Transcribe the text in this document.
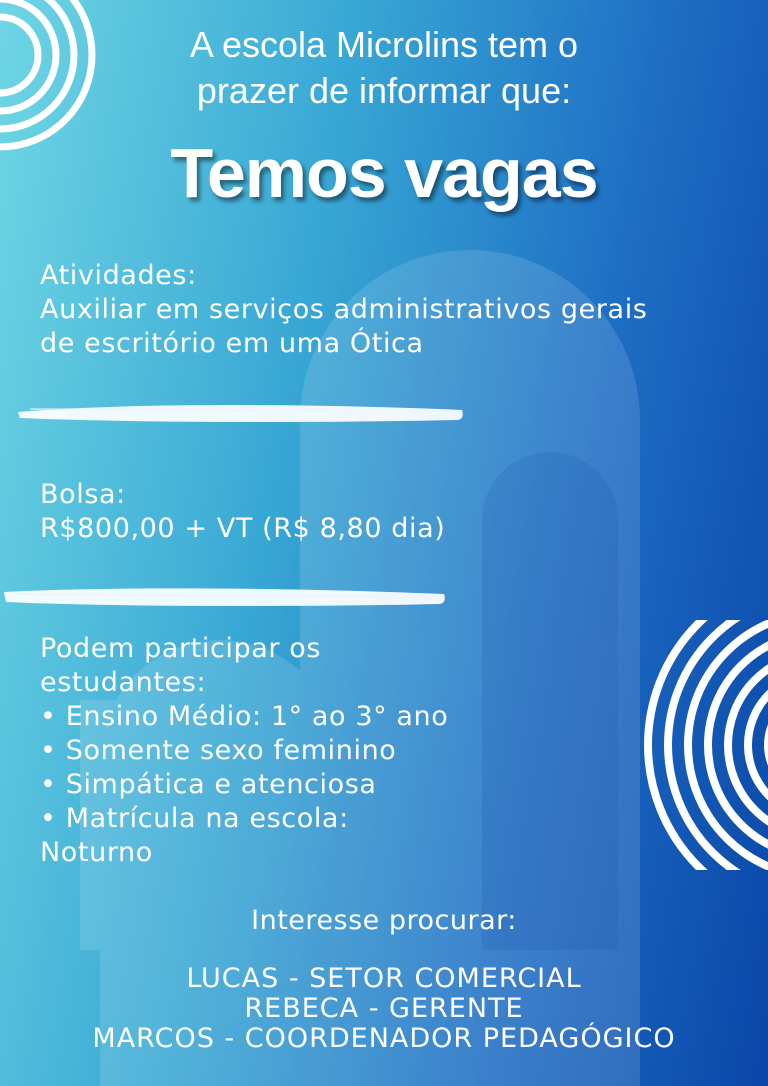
A escola Microlins tem o
prazer de informar que:
Temos vagas
Atividades:
Auxiliar em serviços administrativos gerais
de escritório em uma Ótica
Bolsa:
R$800,00 + VT (R$ 8,80 dia)
Podem participar os
estudantes:
• Ensino Médio: 1° ao 3° ano
• Somente sexo feminino
• Simpática e atenciosa
• Matrícula na escola:
Noturno
Interesse procurar:
LUCAS - SETOR COMERCIAL
REBECA - GERENTE
MARCOS - COORDENADOR PEDAGÓGICO
